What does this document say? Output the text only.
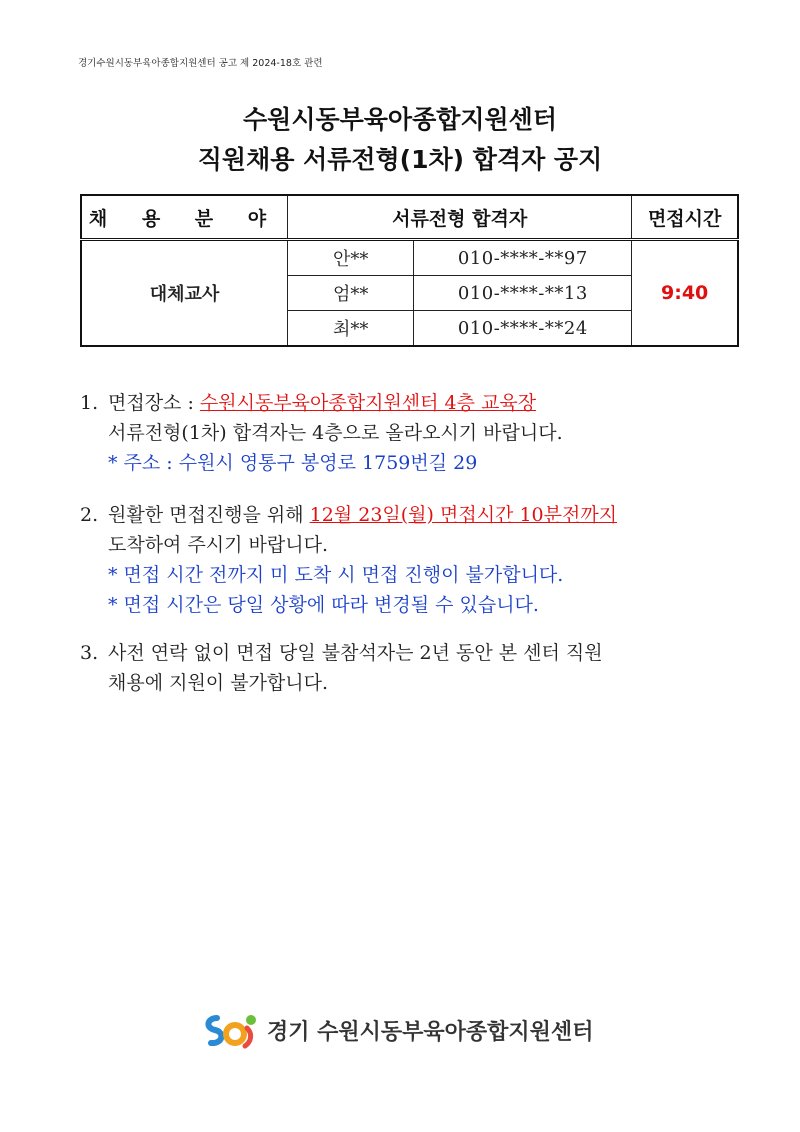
경기수원시동부육아종합지원센터 공고 제 2024-18호 관련
수원시동부육아종합지원센터
직원채용 서류전형(1차) 합격자 공지
채 용 분 야	서류전형 합격자		면접시간
대체교사	안**	010-****-**97	9:40
	엄**	010-****-**13	
	최**	010-****-**24	
1. 면접장소 : 수원시동부육아종합지원센터 4층 교육장
서류전형(1차) 합격자는 4층으로 올라오시기 바랍니다.
* 주소 : 수원시 영통구 봉영로 1759번길 29
2. 원활한 면접진행을 위해 12월 23일(월) 면접시간 10분전까지
도착하여 주시기 바랍니다.
* 면접 시간 전까지 미 도착 시 면접 진행이 불가합니다.
* 면접 시간은 당일 상황에 따라 변경될 수 있습니다.
3. 사전 연락 없이 면접 당일 불참석자는 2년 동안 본 센터 직원
채용에 지원이 불가합니다.
경기 수원시동부육아종합지원센터
